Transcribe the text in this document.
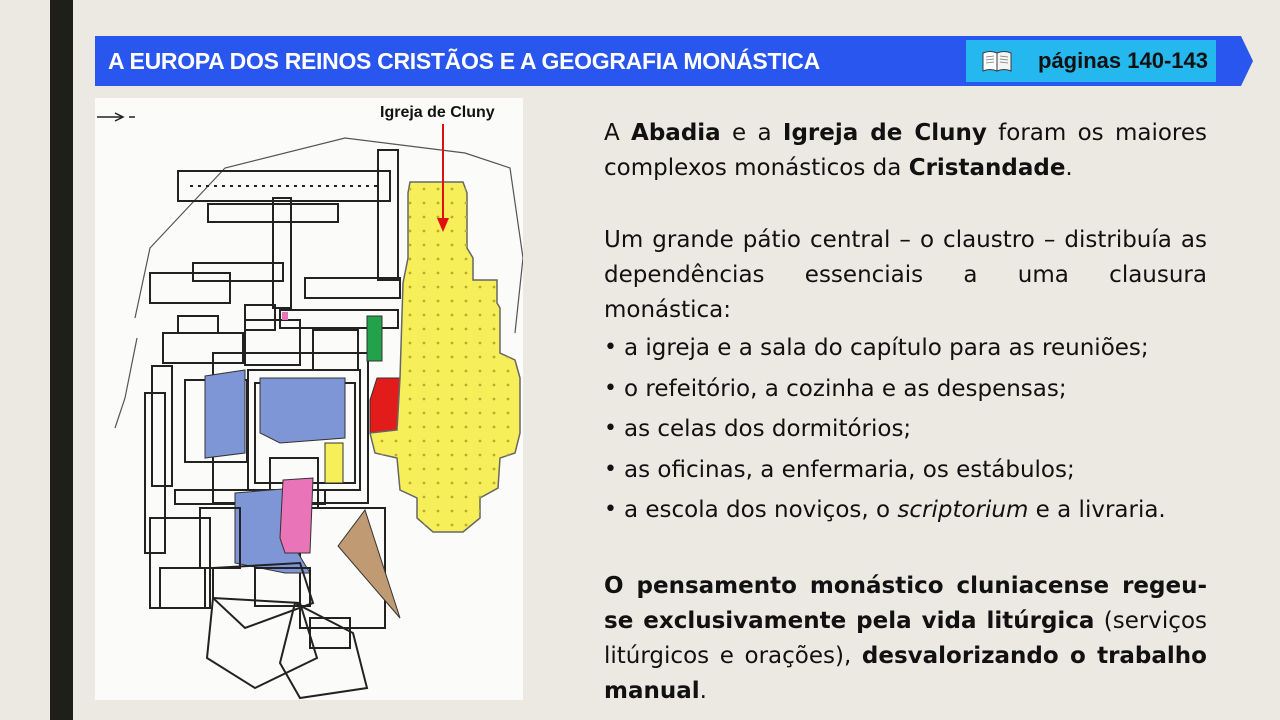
A EUROPA DOS REINOS CRISTÃOS E A GEOGRAFIA MONÁSTICA	páginas 140-143
Igreja de Cluny

A Abadia e a Igreja de Cluny foram os maiores complexos monásticos da Cristandade.

Um grande pátio central – o claustro – distribuía as dependências essenciais a uma clausura monástica:

• a igreja e a sala do capítulo para as reuniões;
• o refeitório, a cozinha e as despensas;
• as celas dos dormitórios;
• as oficinas, a enfermaria, os estábulos;
• a escola dos noviços, o scriptorium e a livraria.

O pensamento monástico cluniacense regeu-se exclusivamente pela vida litúrgica (serviços litúrgicos e orações), desvalorizando o trabalho manual.
